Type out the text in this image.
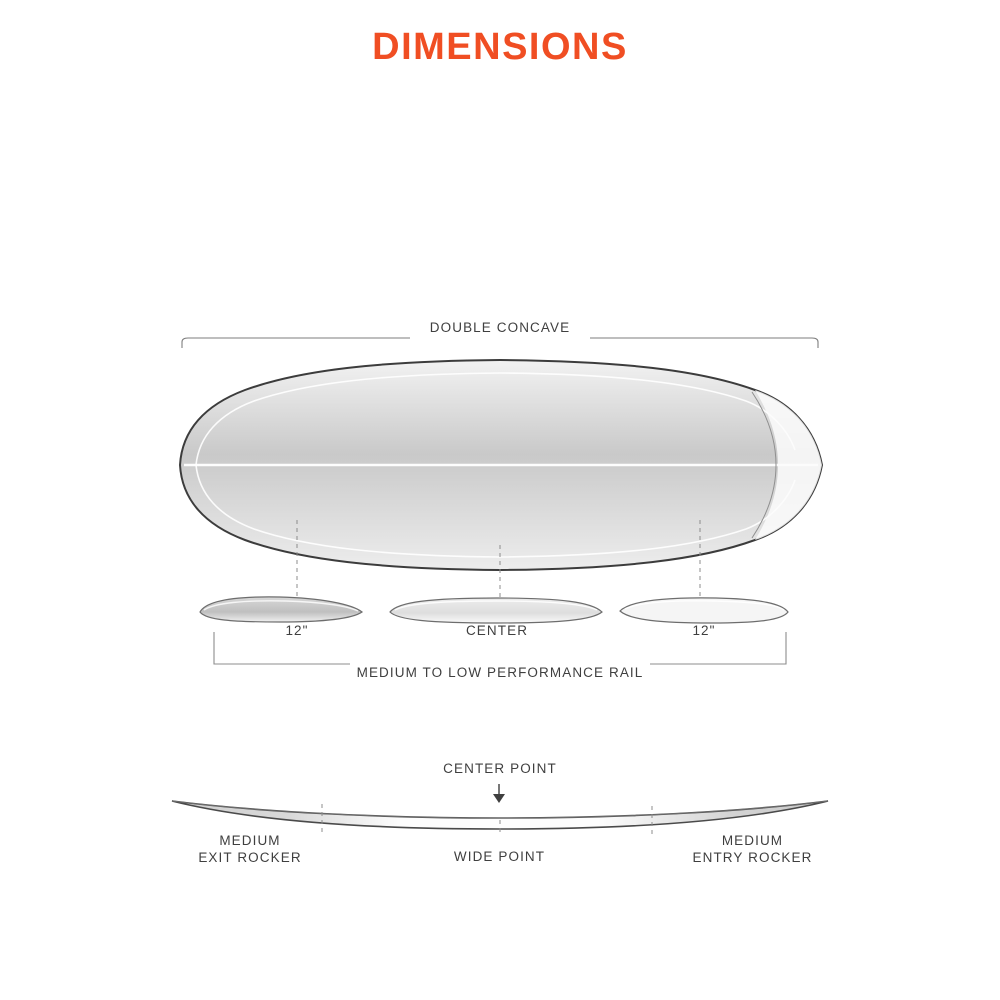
DIMENSIONS
DOUBLE CONCAVE
12"	CENTER	12"
MEDIUM TO LOW PERFORMANCE RAIL
CENTER POINT
MEDIUM
EXIT ROCKER	WIDE POINT
MEDIUM
ENTRY ROCKER
